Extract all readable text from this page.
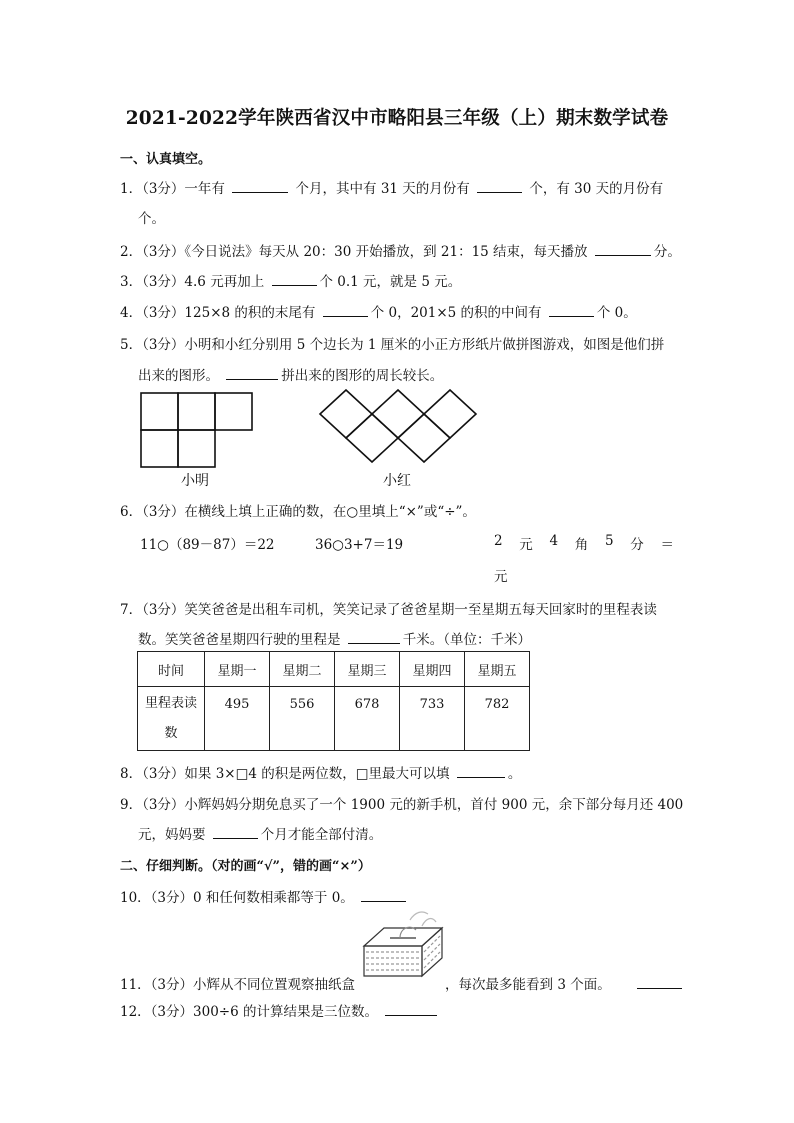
2021-2022学年陕西省汉中市略阳县三年级（上）期末数学试卷
一、认真填空。
1．（3分）一年有	个月，其中有 31 天的月份有	个，有 30 天的月份有
个。
2．（3分）《今日说法》每天从 20：30 开始播放，到 21：15 结束，每天播放	分。
3．（3分）4.6 元再加上	个 0.1 元，就是 5 元。
4．（3分）125×8 的积的末尾有	个 0，201×5 的积的中间有	个 0。
5．（3分）小明和小红分别用 5 个边长为 1 厘米的小正方形纸片做拼图游戏，如图是他们拼
出来的图形。	拼出来的图形的周长较长。
小明	小红
6．（3分）在横线上填上正确的数，在○里填上“×”或“÷”。
11○（89－87）＝22	36○3+7＝19	2 元 4 角 5 分 ＝
元
7．（3分）笑笑爸爸是出租车司机，笑笑记录了爸爸星期一至星期五每天回家时的里程表读
数。笑笑爸爸星期四行驶的里程是	千米。（单位：千米）
时间	星期一	星期二	星期三	星期四	星期五

里程表读
数	495	556	678	733	782
8．（3分）如果 3×□4 的积是两位数，□里最大可以填	。
9．（3分）小辉妈妈分期免息买了一个 1900 元的新手机，首付 900 元，余下部分每月还 400
元，妈妈要	个月才能全部付清。
二、仔细判断。（对的画“√”，错的画“×”）
10．（3分）0 和任何数相乘都等于 0。
11．（3分）小辉从不同位置观察抽纸盒	，每次最多能看到 3 个面。
12．（3分）300÷6 的计算结果是三位数。
